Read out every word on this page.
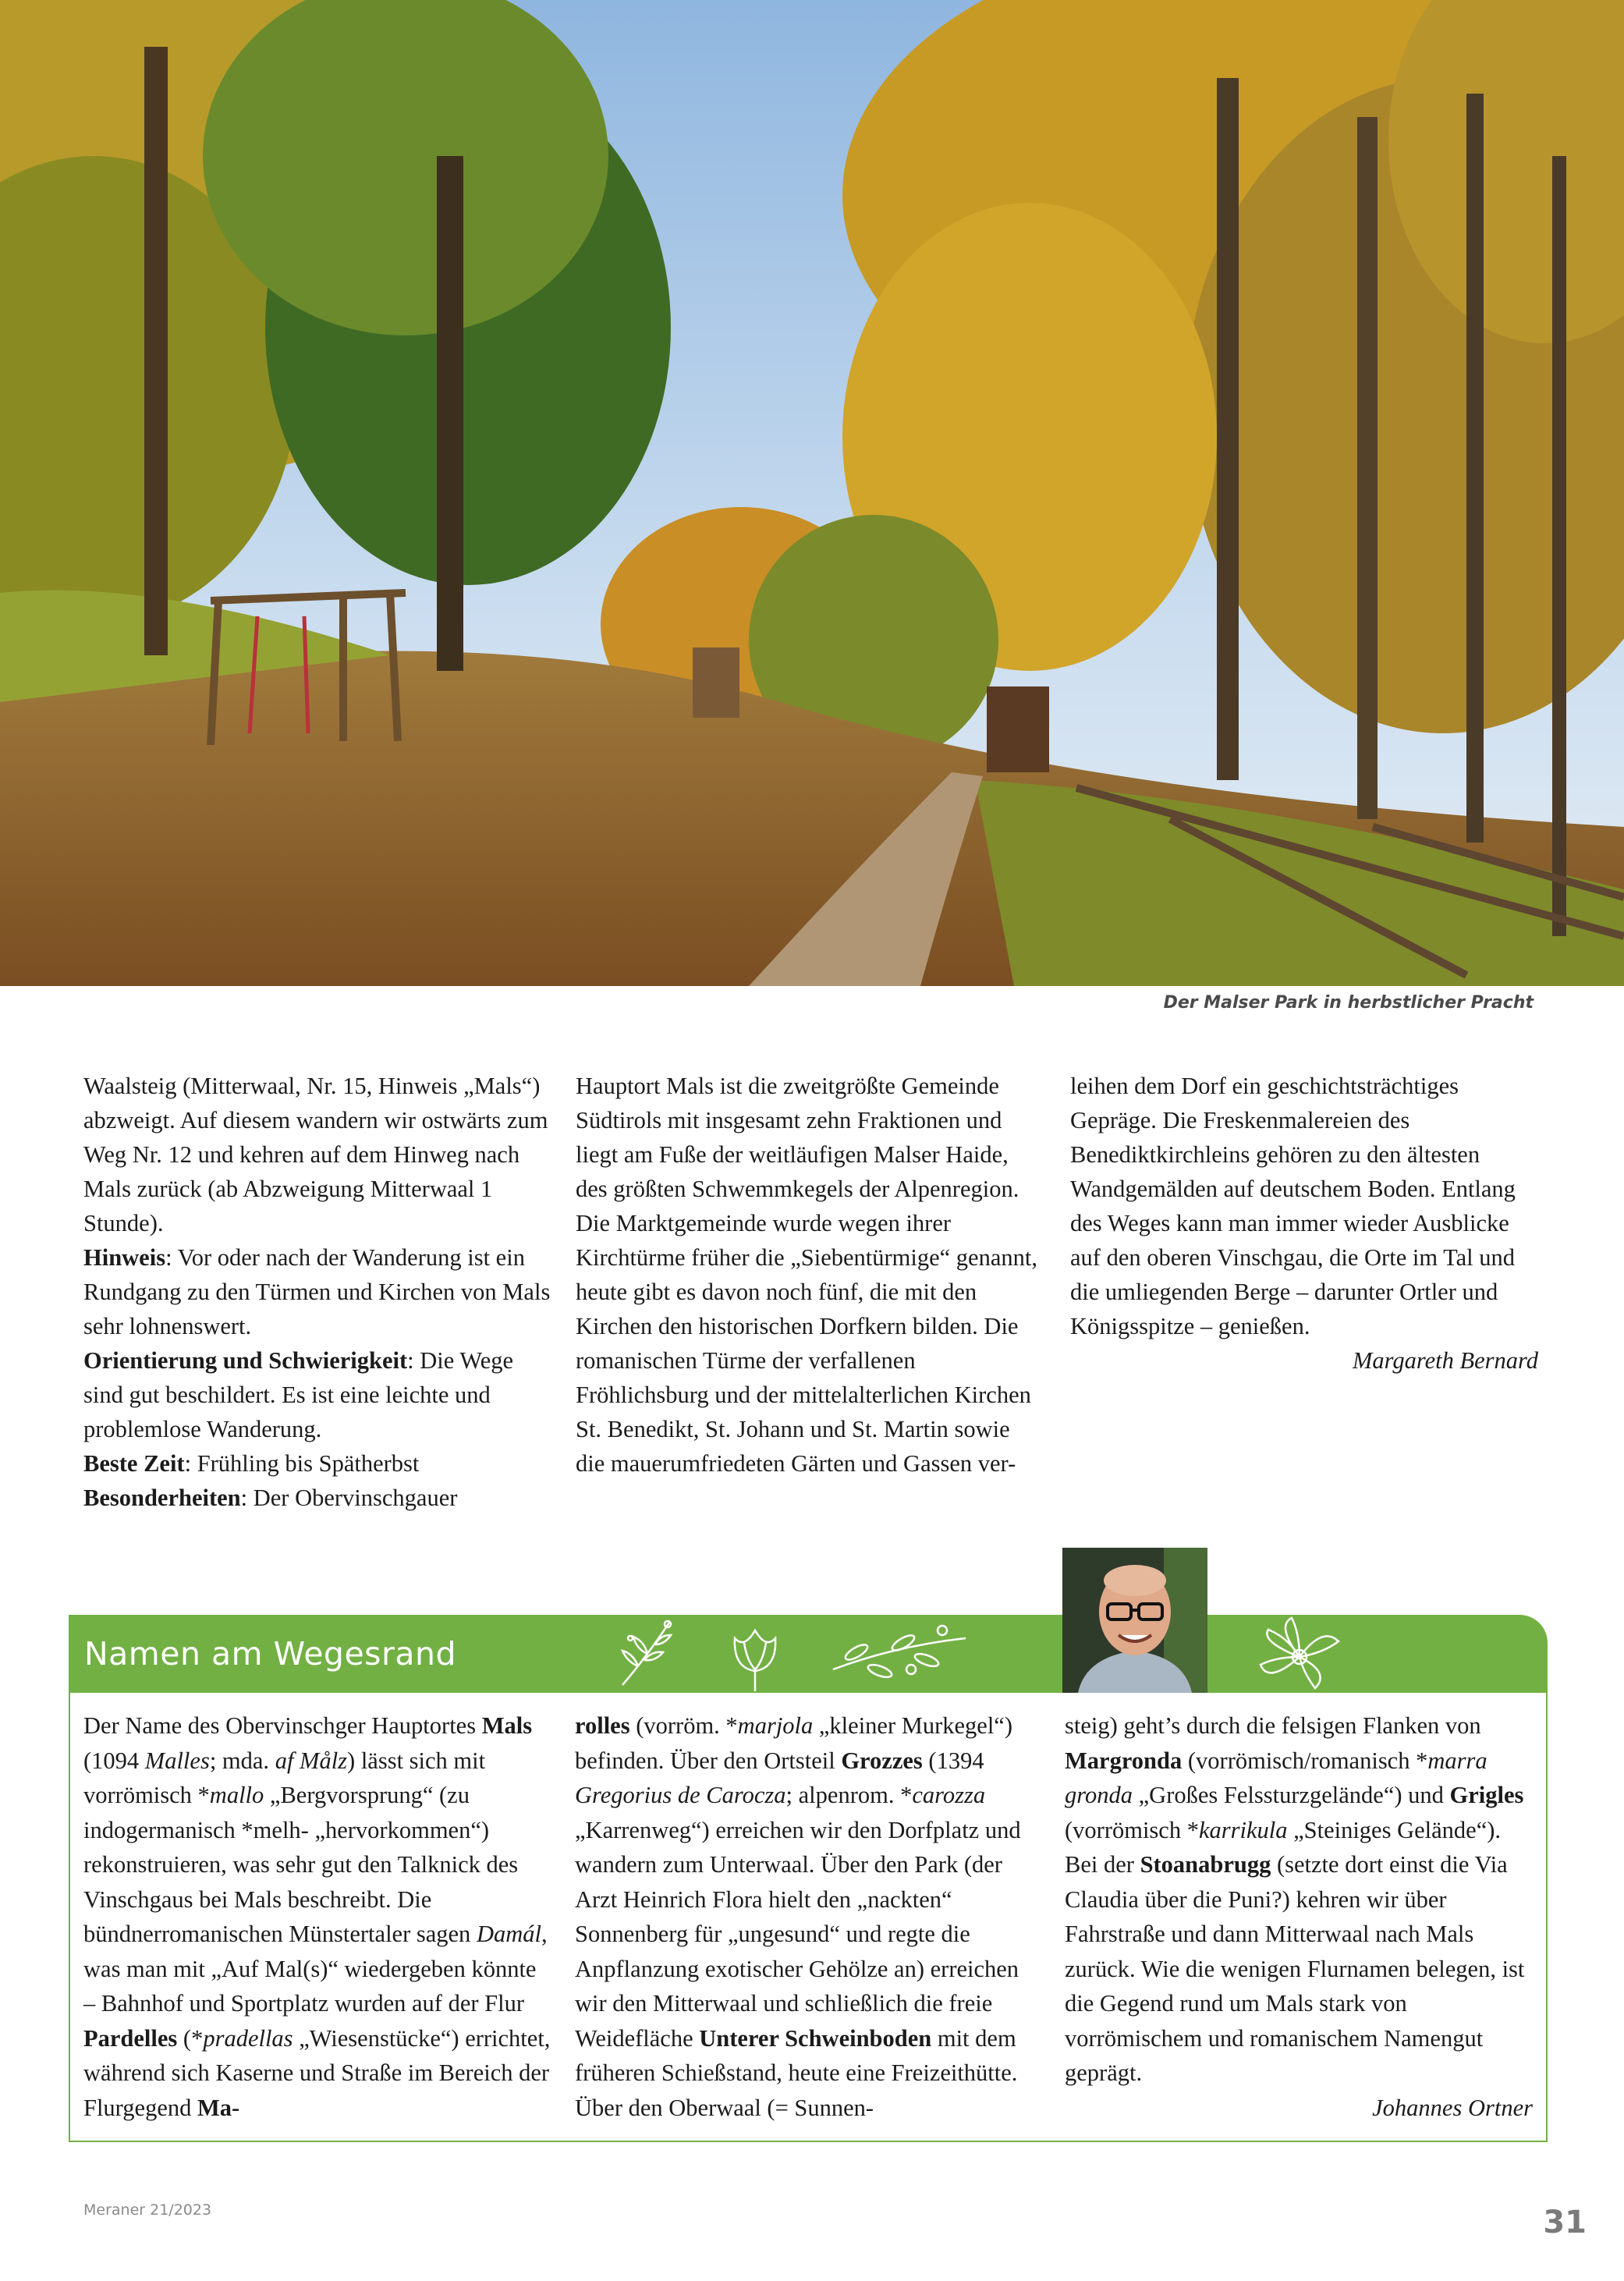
Der Malser Park in herbstlicher Pracht

Waalsteig (Mitterwaal, Nr. 15, Hinweis „Mals“) abzweigt. Auf diesem wandern wir ostwärts zum Weg Nr. 12 und kehren auf dem Hinweg nach Mals zurück (ab Abzweigung Mitterwaal 1 Stunde).
Hinweis: Vor oder nach der Wanderung ist ein Rundgang zu den Türmen und Kirchen von Mals sehr lohnenswert.
Orientierung und Schwierigkeit: Die Wege sind gut beschildert. Es ist eine leichte und problemlose Wanderung.
Beste Zeit: Frühling bis Spätherbst
Besonderheiten: Der Obervinschgauer

Hauptort Mals ist die zweitgrößte Gemeinde Südtirols mit insgesamt zehn Fraktionen und liegt am Fuße der weitläufigen Malser Haide, des größten Schwemmkegels der Alpenregion. Die Marktgemeinde wurde wegen ihrer Kirchtürme früher die „Siebentürmige“ genannt, heute gibt es davon noch fünf, die mit den Kirchen den historischen Dorfkern bilden. Die romanischen Türme der verfallenen Fröhlichsburg und der mittelalterlichen Kirchen St. Benedikt, St. Johann und St. Martin sowie die mauerumfriedeten Gärten und Gassen ver-

leihen dem Dorf ein geschichtsträchtiges Gepräge. Die Freskenmalereien des Benediktkirchleins gehören zu den ältesten Wandgemälden auf deutschem Boden. Entlang des Weges kann man immer wieder Ausblicke auf den oberen Vinschgau, die Orte im Tal und die umliegenden Berge – darunter Ortler und Königsspitze – genießen.

Margareth Bernard

Namen am Wegesrand

Der Name des Obervinschger Hauptortes Mals (1094 Malles; mda. af Målz) lässt sich mit vorrömisch *mallo „Bergvorsprung“ (zu indogermanisch *melh- „hervorkommen“) rekonstruieren, was sehr gut den Talknick des Vinschgaus bei Mals beschreibt. Die bündnerromanischen Münstertaler sagen Damál, was man mit „Auf Mal(s)“ wiedergeben könnte – Bahnhof und Sportplatz wurden auf der Flur Pardelles (*pradellas „Wiesenstücke“) errichtet, während sich Kaserne und Straße im Bereich der Flurgegend Ma-

rolles (vorröm. *marjola „kleiner Murkegel“) befinden. Über den Ortsteil Grozzes (1394 Gregorius de Carocza; alpenrom. *carozza „Karrenweg“) erreichen wir den Dorfplatz und wandern zum Unterwaal. Über den Park (der Arzt Heinrich Flora hielt den „nackten“ Sonnenberg für „ungesund“ und regte die Anpflanzung exotischer Gehölze an) erreichen wir den Mitterwaal und schließlich die freie Weidefläche Unterer Schweinboden mit dem früheren Schießstand, heute eine Freizeithütte. Über den Oberwaal (= Sunnen-

steig) geht’s durch die felsigen Flanken von Margronda (vorrömisch/romanisch *marra gronda „Großes Felssturzgelände“) und Grigles (vorrömisch *karrikula „Steiniges Gelände“). Bei der Stoanabrugg (setzte dort einst die Via Claudia über die Puni?) kehren wir über Fahrstraße und dann Mitterwaal nach Mals zurück. Wie die wenigen Flurnamen belegen, ist die Gegend rund um Mals stark von vorrömischem und romanischem Namengut geprägt.

Johannes Ortner

Meraner 21/2023	31
